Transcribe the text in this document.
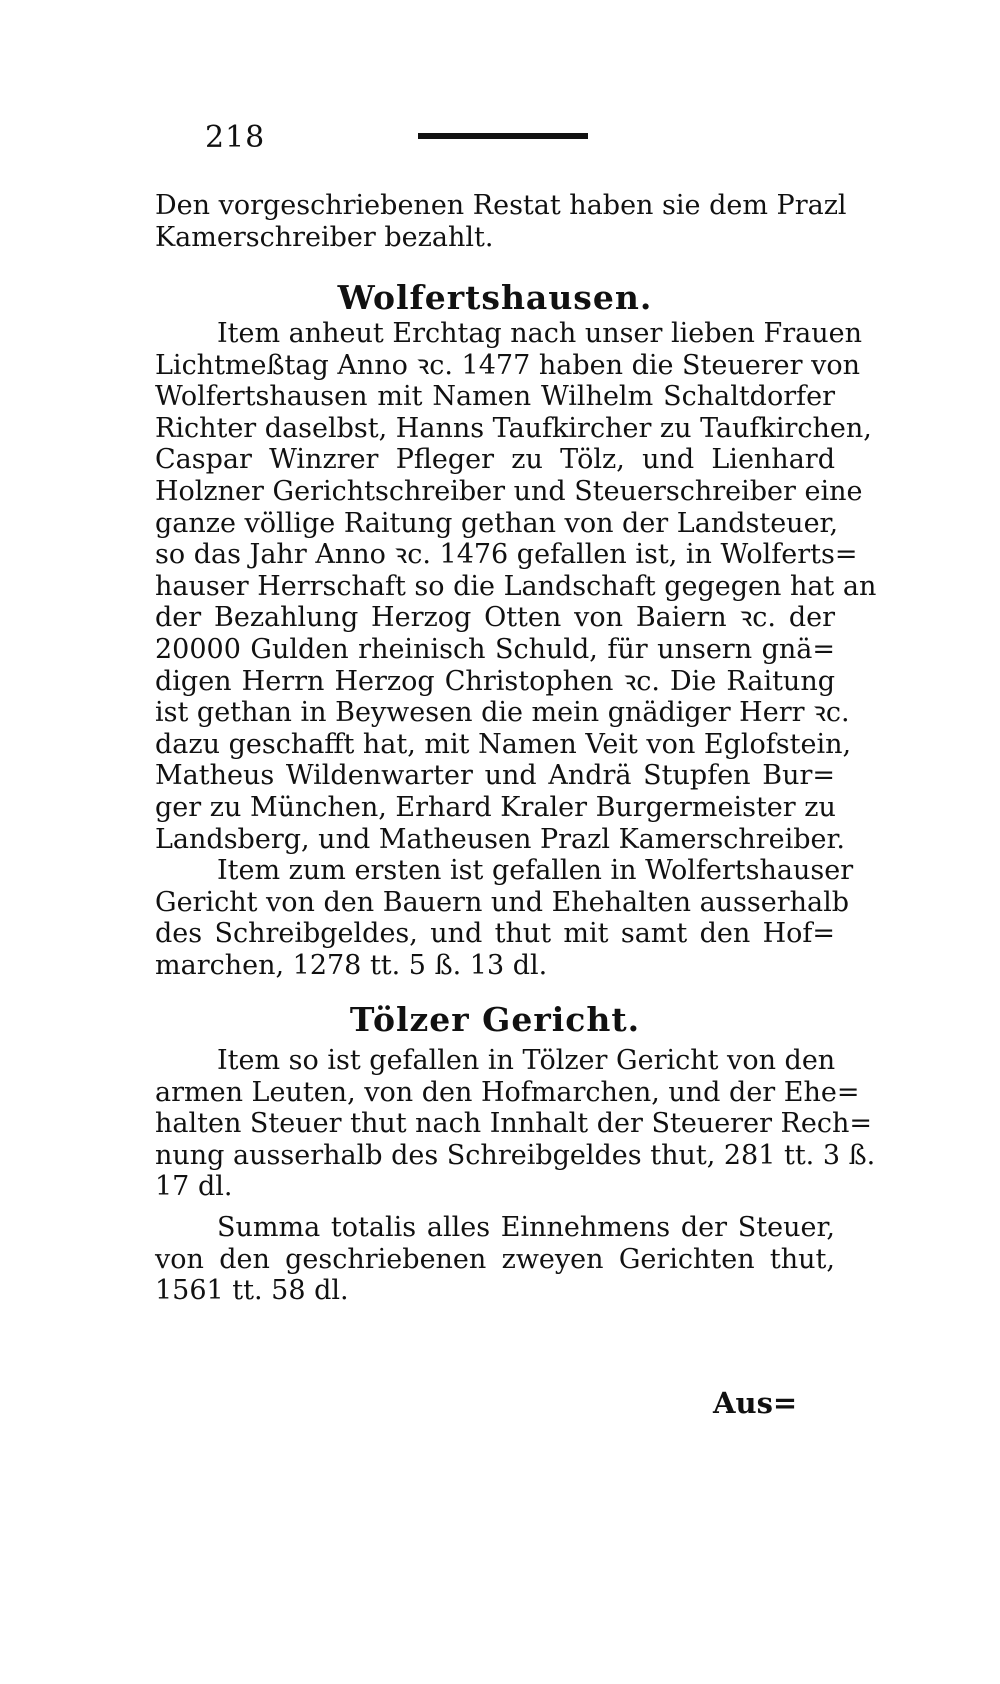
218
Den vorgeschriebenen Restat haben sie dem Prazl
Kamerschreiber bezahlt.
Wolfertshausen.
Item anheut Erchtag nach unser lieben Frauen
Lichtmeßtag Anno ꝛc. 1477 haben die Steuerer von
Wolfertshausen mit Namen Wilhelm Schaltdorfer
Richter daselbst, Hanns Taufkircher zu Taufkirchen,
Caspar Winzrer Pfleger zu Tölz, und Lienhard
Holzner Gerichtschreiber und Steuerschreiber eine
ganze völlige Raitung gethan von der Landsteuer,
so das Jahr Anno ꝛc. 1476 gefallen ist, in Wolferts=
hauser Herrschaft so die Landschaft gegegen hat an
der Bezahlung Herzog Otten von Baiern ꝛc. der
20000 Gulden rheinisch Schuld, für unsern gnä=
digen Herrn Herzog Christophen ꝛc. Die Raitung
ist gethan in Beywesen die mein gnädiger Herr ꝛc.
dazu geschafft hat, mit Namen Veit von Eglofstein,
Matheus Wildenwarter und Andrä Stupfen Bur=
ger zu München, Erhard Kraler Burgermeister zu
Landsberg, und Matheusen Prazl Kamerschreiber.
Item zum ersten ist gefallen in Wolfertshauser
Gericht von den Bauern und Ehehalten ausserhalb
des Schreibgeldes, und thut mit samt den Hof=
marchen, 1278 tt. 5 ß. 13 dl.
Tölzer Gericht.
Item so ist gefallen in Tölzer Gericht von den
armen Leuten, von den Hofmarchen, und der Ehe=
halten Steuer thut nach Innhalt der Steuerer Rech=
nung ausserhalb des Schreibgeldes thut, 281 tt. 3 ß.
17 dl.
Summa totalis alles Einnehmens der Steuer,
von den geschriebenen zweyen Gerichten thut,
1561 tt. 58 dl.
Aus=
